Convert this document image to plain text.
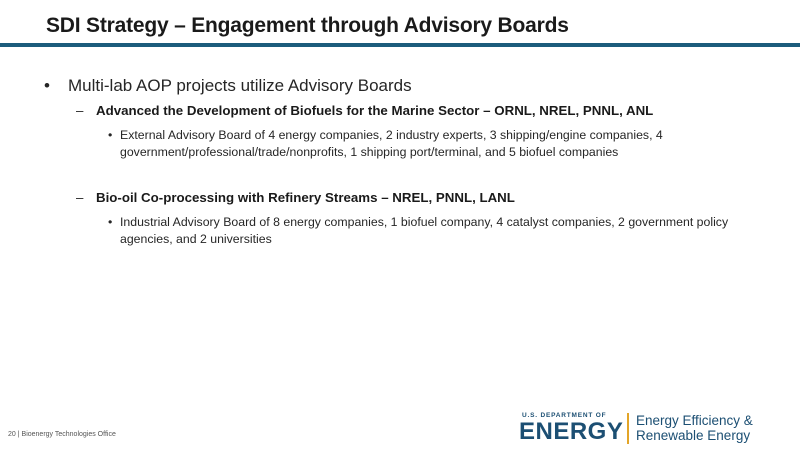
SDI Strategy – Engagement through Advisory Boards
• Multi-lab AOP projects utilize Advisory Boards
– Advanced the Development of Biofuels for the Marine Sector – ORNL, NREL, PNNL, ANL
• External Advisory Board of 4 energy companies, 2 industry experts, 3 shipping/engine companies, 4 government/professional/trade/nonprofits, 1 shipping port/terminal, and 5 biofuel companies
– Bio-oil Co-processing with Refinery Streams – NREL, PNNL, LANL
• Industrial Advisory Board of 8 energy companies, 1 biofuel company, 4 catalyst companies, 2 government policy agencies, and 2 universities
20 | Bioenergy Technologies Office
U.S. DEPARTMENT OF
ENERGY Energy Efficiency &
Renewable Energy
